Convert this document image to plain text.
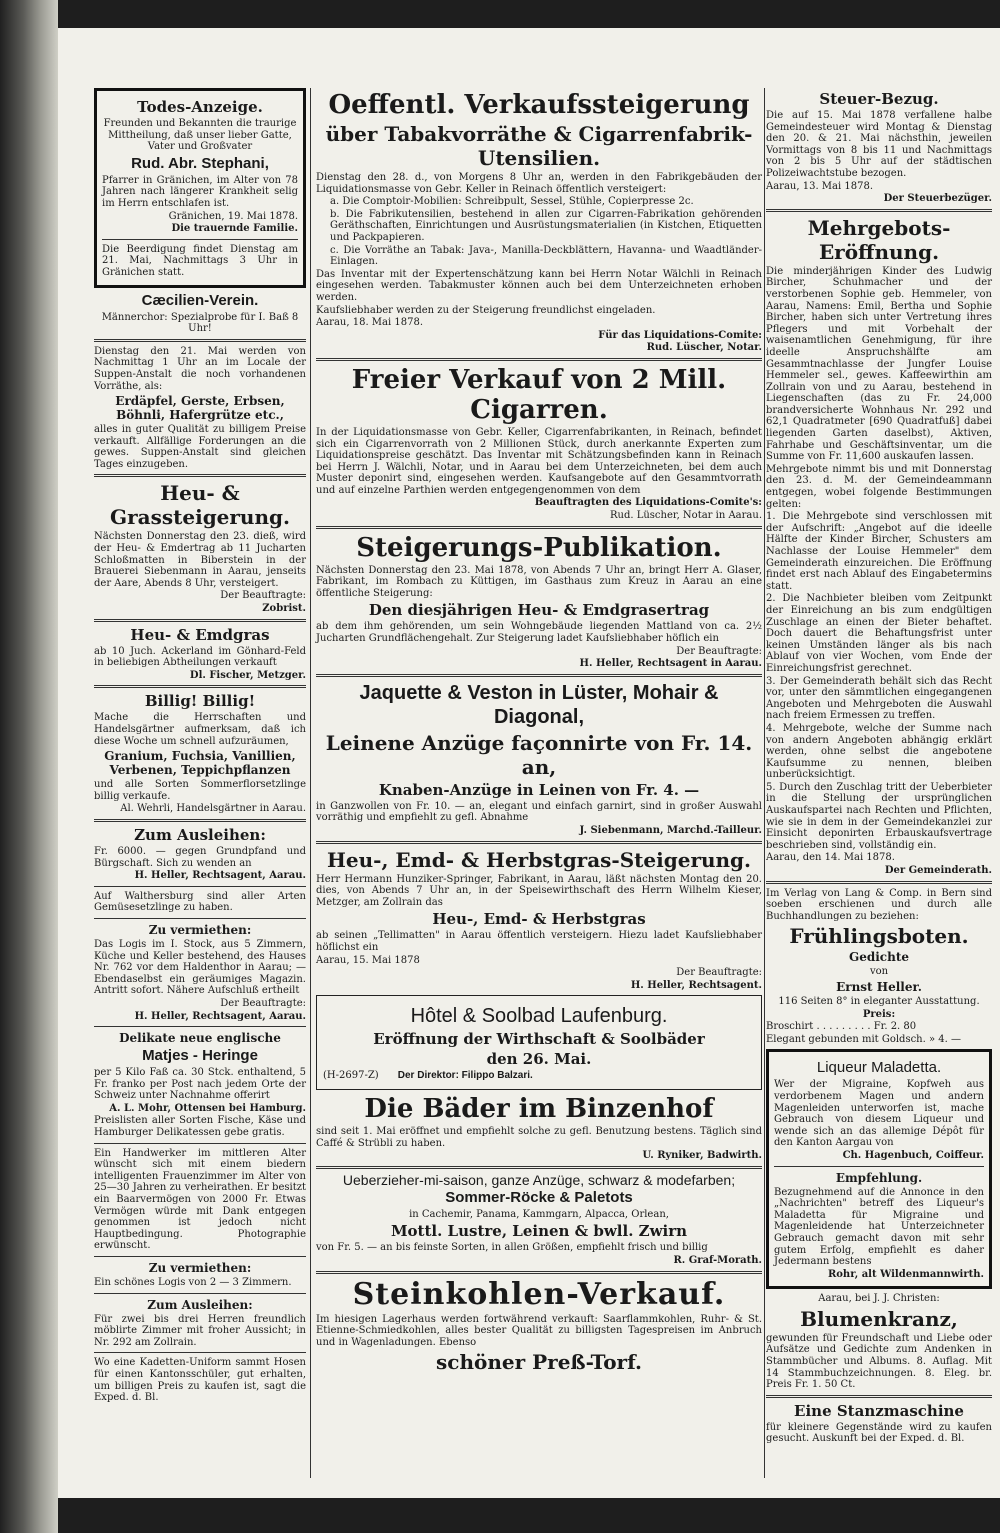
Todes-Anzeige.

Freunden und Bekannten die traurige Mittheilung, daß unser lieber Gatte, Vater und Großvater

Rud. Abr. Stephani,

Pfarrer in Gränichen, im Alter von 78 Jahren nach längerer Krankheit selig im Herrn entschlafen ist.

Gränichen, 19. Mai 1878.

Die trauernde Familie.

Die Beerdigung findet Dienstag am 21. Mai, Nachmittags 3 Uhr in Gränichen statt.

Cæcilien-Verein.

Männerchor: Spezialprobe für I. Baß 8 Uhr!

Dienstag den 21. Mai werden von Nachmittag 1 Uhr an im Locale der Suppen-Anstalt die noch vorhandenen Vorräthe, als:

Erdäpfel, Gerste, Erbsen, Böhnli, Hafergrütze etc.,

alles in guter Qualität zu billigem Preise verkauft. Allfällige Forderungen an die gewes. Suppen-Anstalt sind gleichen Tages einzugeben.

Heu- & Grassteigerung.

Nächsten Donnerstag den 23. dieß, wird der Heu- & Emdertrag ab 11 Jucharten Schloßmatten in Biberstein in der Brauerei Siebenmann in Aarau, jenseits der Aare, Abends 8 Uhr, versteigert.

Der Beauftragte:

Zobrist.

Heu- & Emdgras

ab 10 Juch. Ackerland im Gönhard-Feld in beliebigen Abtheilungen verkauft

Dl. Fischer, Metzger.

Billig! Billig!

Mache die Herrschaften und Handelsgärtner aufmerksam, daß ich diese Woche um schnell aufzuräumen,

Granium, Fuchsia, Vanillien, Verbenen, Teppichpflanzen

und alle Sorten Sommerflorsetzlinge billig verkaufe.

Al. Wehrli, Handelsgärtner in Aarau.

Zum Ausleihen:

Fr. 6000. — gegen Grundpfand und Bürgschaft. Sich zu wenden an

H. Heller, Rechtsagent, Aarau.

Auf Walthersburg sind aller Arten Gemüsesetzlinge zu haben.

Zu vermiethen:

Das Logis im I. Stock, aus 5 Zimmern, Küche und Keller bestehend, des Hauses Nr. 762 vor dem Haldenthor in Aarau; — Ebendaselbst ein geräumiges Magazin. Antritt sofort. Nähere Aufschluß ertheilt

Der Beauftragte:

H. Heller, Rechtsagent, Aarau.

Delikate neue englische
Matjes - Heringe

per 5 Kilo Faß ca. 30 Stck. enthaltend, 5 Fr. franko per Post nach jedem Orte der Schweiz unter Nachnahme offerirt

A. L. Mohr, Ottensen bei Hamburg.

Preislisten aller Sorten Fische, Käse und Hamburger Delikatessen gebe gratis.

Ein Handwerker im mittleren Alter wünscht sich mit einem biedern intelligenten Frauenzimmer im Alter von 25—30 Jahren zu verheirathen. Er besitzt ein Baarvermögen von 2000 Fr. Etwas Vermögen würde mit Dank entgegen genommen ist jedoch nicht Hauptbedingung. Photographie erwünscht.

Zu vermiethen:

Ein schönes Logis von 2 — 3 Zimmern.

Zum Ausleihen:

Für zwei bis drei Herren freundlich möblirte Zimmer mit froher Aussicht; in Nr. 292 am Zollrain.

Wo eine Kadetten-Uniform sammt Hosen für einen Kantonsschüler, gut erhalten, um billigen Preis zu kaufen ist, sagt die Exped. d. Bl.

Oeffentl. Verkaufssteigerung
über Tabakvorräthe & Cigarrenfabrik-Utensilien.

Dienstag den 28. d., von Morgens 8 Uhr an, werden in den Fabrikgebäuden der Liquidationsmasse von Gebr. Keller in Reinach öffentlich versteigert:

a. Die Comptoir-Mobilien: Schreibpult, Sessel, Stühle, Copierpresse 2c.

b. Die Fabrikutensilien, bestehend in allen zur Cigarren-Fabrikation gehörenden Geräthschaften, Einrichtungen und Ausrüstungsmaterialien (in Kistchen, Etiquetten und Packpapieren.

c. Die Vorräthe an Tabak: Java-, Manilla-Deckblättern, Havanna- und Waadtländer-Einlagen.

Das Inventar mit der Expertenschätzung kann bei Herrn Notar Wälchli in Reinach eingesehen werden. Tabakmuster können auch bei dem Unterzeichneten erhoben werden.

Kaufsliebhaber werden zu der Steigerung freundlichst eingeladen.

Aarau, 18. Mai 1878.

Für das Liquidations-Comite:

Rud. Lüscher, Notar.

Freier Verkauf von 2 Mill. Cigarren.

In der Liquidationsmasse von Gebr. Keller, Cigarrenfabrikanten, in Reinach, befindet sich ein Cigarrenvorrath von 2 Millionen Stück, durch anerkannte Experten zum Liquidationspreise geschätzt. Das Inventar mit Schätzungsbefinden kann in Reinach bei Herrn J. Wälchli, Notar, und in Aarau bei dem Unterzeichneten, bei dem auch Muster deponirt sind, eingesehen werden. Kaufsangebote auf den Gesammtvorrath und auf einzelne Parthien werden entgegengenommen von dem

Beauftragten des Liquidations-Comite's:

Rud. Lüscher, Notar in Aarau.

Steigerungs-Publikation.

Nächsten Donnerstag den 23. Mai 1878, von Abends 7 Uhr an, bringt Herr A. Glaser, Fabrikant, im Rombach zu Küttigen, im Gasthaus zum Kreuz in Aarau an eine öffentliche Steigerung:

Den diesjährigen Heu- & Emdgrasertrag

ab dem ihm gehörenden, um sein Wohngebäude liegenden Mattland von ca. 2½ Jucharten Grundflächengehalt. Zur Steigerung ladet Kaufsliebhaber höflich ein

Der Beauftragte:

H. Heller, Rechtsagent in Aarau.

Jaquette & Veston in Lüster, Mohair & Diagonal,
Leinene Anzüge façonnirte von Fr. 14. an,
Knaben-Anzüge in Leinen von Fr. 4. —

in Ganzwollen von Fr. 10. — an, elegant und einfach garnirt, sind in großer Auswahl vorräthig und empfiehlt zu gefl. Abnahme

J. Siebenmann, Marchd.-Tailleur.

Heu-, Emd- & Herbstgras-Steigerung.

Herr Hermann Hunziker-Springer, Fabrikant, in Aarau, läßt nächsten Montag den 20. dies, von Abends 7 Uhr an, in der Speisewirthschaft des Herrn Wilhelm Kieser, Metzger, am Zollrain das

Heu-, Emd- & Herbstgras

ab seinen „Tellimatten" in Aarau öffentlich versteigern. Hiezu ladet Kaufsliebhaber höflichst ein

Aarau, 15. Mai 1878

Der Beauftragte:

H. Heller, Rechtsagent.

Hôtel & Soolbad Laufenburg.
Eröffnung der Wirthschaft & Soolbäder
den 26. Mai.

(H-2697-Z) Der Direktor: Filippo Balzari.

Die Bäder im Binzenhof

sind seit 1. Mai eröffnet und empfiehlt solche zu gefl. Benutzung bestens. Täglich sind Caffé & Strübli zu haben.

U. Ryniker, Badwirth.

Ueberzieher-mi-saison, ganze Anzüge, schwarz & modefarben;
Sommer-Röcke & Paletots

in Cachemir, Panama, Kammgarn, Alpacca, Orlean,

Mottl. Lustre, Leinen & bwll. Zwirn

von Fr. 5. — an bis feinste Sorten, in allen Größen, empfiehlt frisch und billig

R. Graf-Morath.

Steinkohlen-Verkauf.

Im hiesigen Lagerhaus werden fortwährend verkauft: Saarflammkohlen, Ruhr- & St. Etienne-Schmiedkohlen, alles bester Qualität zu billigsten Tagespreisen im Anbruch und in Wagenladungen. Ebenso

schöner Preß-Torf.
Steuer-Bezug.

Die auf 15. Mai 1878 verfallene halbe Gemeindesteuer wird Montag & Dienstag den 20. & 21. Mai nächsthin, jeweilen Vormittags von 8 bis 11 und Nachmittags von 2 bis 5 Uhr auf der städtischen Polizeiwachtstube bezogen.

Aarau, 13. Mai 1878.

Der Steuerbezüger.

Mehrgebots-Eröffnung.

Die minderjährigen Kinder des Ludwig Bircher, Schuhmacher und der verstorbenen Sophie geb. Hemmeler, von Aarau, Namens: Emil, Bertha und Sophie Bircher, haben sich unter Vertretung ihres Pflegers und mit Vorbehalt der waisenamtlichen Genehmigung, für ihre ideelle Anspruchshälfte am Gesammtnachlasse der Jungfer Louise Hemmeler sel., gewes. Kaffeewirthin am Zollrain von und zu Aarau, bestehend in Liegenschaften (das zu Fr. 24,000 brandversicherte Wohnhaus Nr. 292 und 62,1 Quadratmeter [690 Quadratfuß] dabei liegenden Garten daselbst), Aktiven, Fahrhabe und Geschäftsinventar, um die Summe von Fr. 11,600 auskaufen lassen.

Mehrgebote nimmt bis und mit Donnerstag den 23. d. M. der Gemeindeammann entgegen, wobei folgende Bestimmungen gelten:

1. Die Mehrgebote sind verschlossen mit der Aufschrift: „Angebot auf die ideelle Hälfte der Kinder Bircher, Schusters am Nachlasse der Louise Hemmeler" dem Gemeinderath einzureichen. Die Eröffnung findet erst nach Ablauf des Eingabetermins statt.

2. Die Nachbieter bleiben vom Zeitpunkt der Einreichung an bis zum endgültigen Zuschlage an einen der Bieter behaftet. Doch dauert die Behaftungsfrist unter keinen Umständen länger als bis nach Ablauf von vier Wochen, vom Ende der Einreichungsfrist gerechnet.

3. Der Gemeinderath behält sich das Recht vor, unter den sämmtlichen eingegangenen Angeboten und Mehrgeboten die Auswahl nach freiem Ermessen zu treffen.

4. Mehrgebote, welche der Summe nach von andern Angeboten abhängig erklärt werden, ohne selbst die angebotene Kaufsumme zu nennen, bleiben unberücksichtigt.

5. Durch den Zuschlag tritt der Ueberbieter in die Stellung der ursprünglichen Auskaufspartei nach Rechten und Pflichten, wie sie in dem in der Gemeindekanzlei zur Einsicht deponirten Erbauskaufsvertrage beschrieben sind, vollständig ein.

Aarau, den 14. Mai 1878.

Der Gemeinderath.

Im Verlag von Lang & Comp. in Bern sind soeben erschienen und durch alle Buchhandlungen zu beziehen:

Frühlingsboten.
Gedichte

von

Ernst Heller.

116 Seiten 8° in eleganter Ausstattung.

Preis:

Broschirt . . . . . . . . . Fr. 2. 80

Elegant gebunden mit Goldsch. » 4. —

Liqueur Maladetta.

Wer der Migraine, Kopfweh aus verdorbenem Magen und andern Magenleiden unterworfen ist, mache Gebrauch von diesem Liqueur und wende sich an das allemige Dépôt für den Kanton Aargau von

Ch. Hagenbuch, Coiffeur.

Empfehlung.

Bezugnehmend auf die Annonce in den „Nachrichten" betreff des Liqueur's Maladetta für Migraine und Magenleidende hat Unterzeichneter Gebrauch gemacht davon mit sehr gutem Erfolg, empfiehlt es daher Jedermann bestens

Rohr, alt Wildenmannwirth.

Aarau, bei J. J. Christen:

Blumenkranz,

gewunden für Freundschaft und Liebe oder Aufsätze und Gedichte zum Andenken in Stammbücher und Albums. 8. Auflag. Mit 14 Stammbuchzeichnungen. 8. Eleg. br. Preis Fr. 1. 50 Ct.

Eine Stanzmaschine

für kleinere Gegenstände wird zu kaufen gesucht. Auskunft bei der Exped. d. Bl.
